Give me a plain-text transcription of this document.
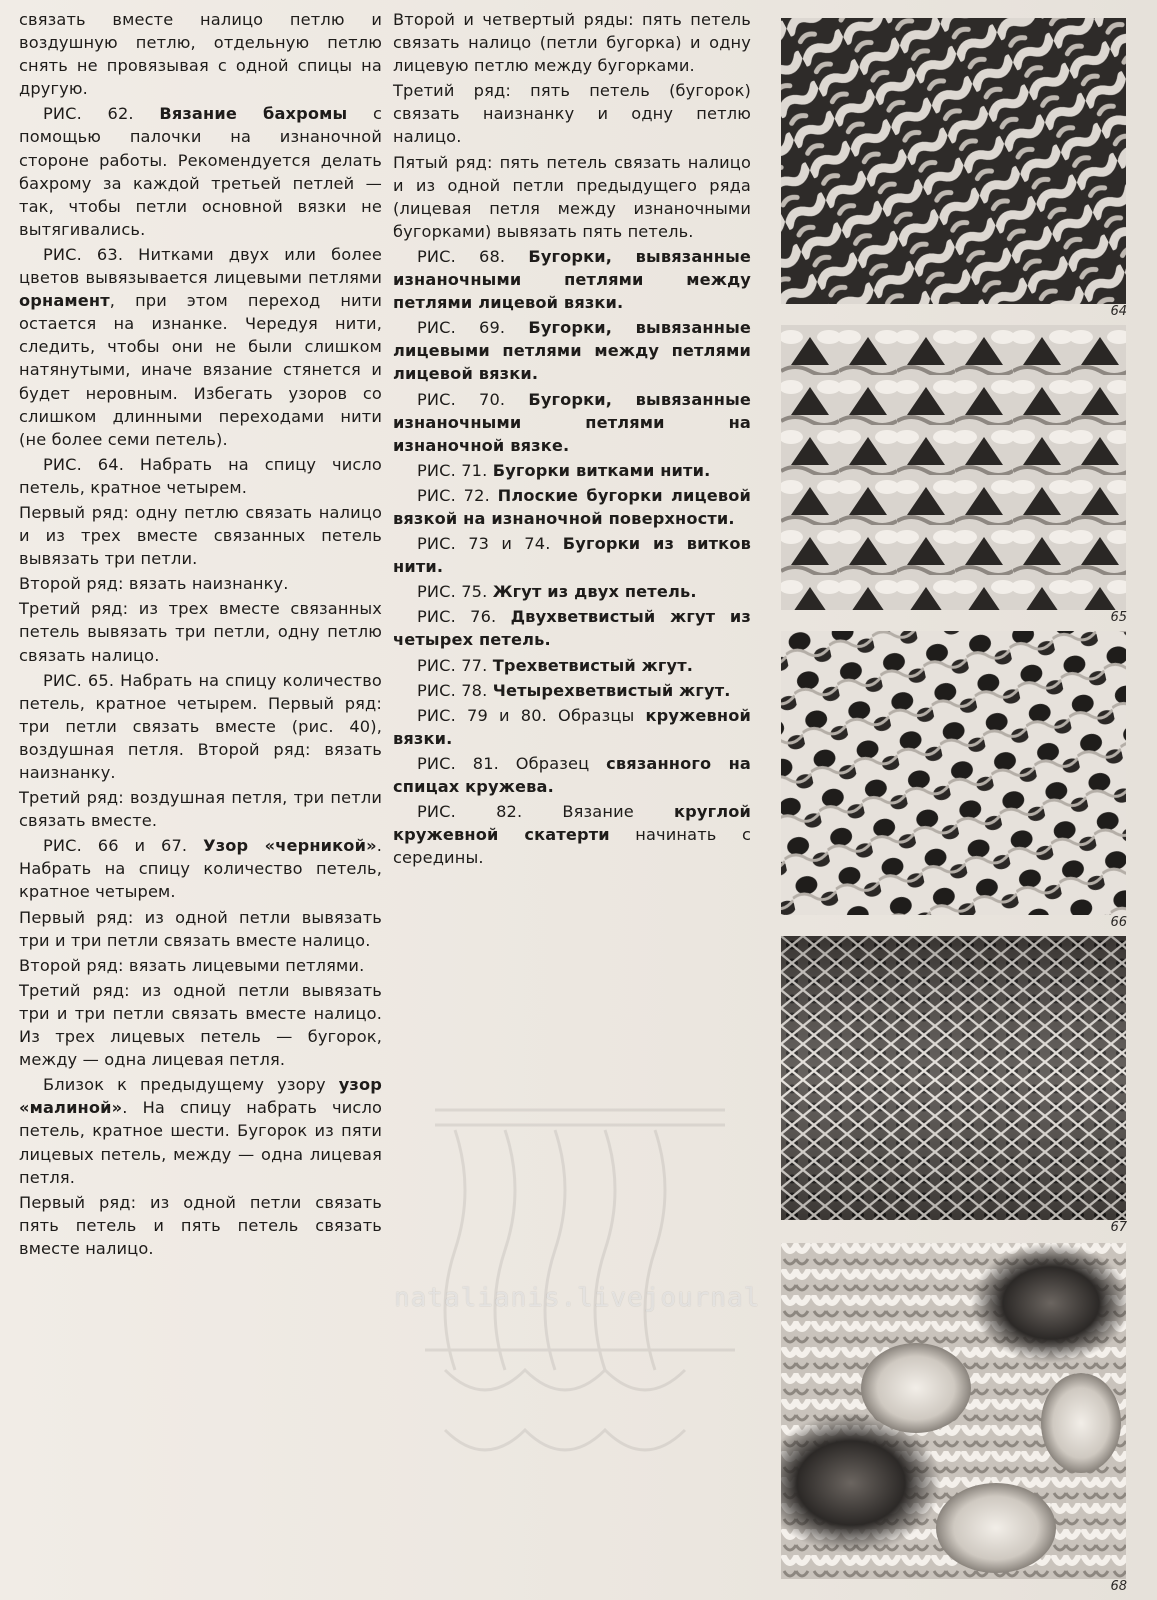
связать вместе налицо петлю и воздушную петлю, отдельную петлю снять не провязывая с одной спицы на другую.

РИС. 62. Вязание бахромы с помощью палочки на изнаночной стороне работы. Рекомендуется делать бахрому за каждой третьей петлей — так, чтобы петли основной вязки не вытягивались.

РИС. 63. Нитками двух или более цветов вывязывается лицевыми петлями орнамент, при этом переход нити остается на изнанке. Чередуя нити, следить, чтобы они не были слишком натянутыми, иначе вязание стянется и будет неровным. Избегать узоров со слишком длинными переходами нити (не более семи петель).

РИС. 64. Набрать на спицу число петель, кратное четырем.

Первый ряд: одну петлю связать налицо и из трех вместе связанных петель вывязать три петли.

Второй ряд: вязать наизнанку.

Третий ряд: из трех вместе связанных петель вывязать три петли, одну петлю связать налицо.

РИС. 65. Набрать на спицу количество петель, кратное четырем. Первый ряд: три петли связать вместе (рис. 40), воздушная петля. Второй ряд: вязать наизнанку.

Третий ряд: воздушная петля, три петли связать вместе.

РИС. 66 и 67. Узор «черникой». Набрать на спицу количество петель, кратное четырем.

Первый ряд: из одной петли вывязать три и три петли связать вместе налицо.

Второй ряд: вязать лицевыми петлями.

Третий ряд: из одной петли вывязать три и три петли связать вместе налицо. Из трех лицевых петель — бугорок, между — одна лицевая петля.

Близок к предыдущему узору узор «малиной». На спицу набрать число петель, кратное шести. Бугорок из пяти лицевых петель, между — одна лицевая петля.

Первый ряд: из одной петли связать пять петель и пять петель связать вместе налицо.

Второй и четвертый ряды: пять петель связать налицо (петли бугорка) и одну лицевую петлю между бугорками.

Третий ряд: пять петель (бугорок) связать наизнанку и одну петлю налицо.

Пятый ряд: пять петель связать налицо и из одной петли предыдущего ряда (лицевая петля между изнаночными бугорками) вывязать пять петель.

РИС. 68. Бугорки, вывязанные изнаночными петлями между петлями лицевой вязки.

РИС. 69. Бугорки, вывязанные лицевыми петлями между петлями лицевой вязки.

РИС. 70. Бугорки, вывязанные изнаночными петлями на изнаночной вязке.

РИС. 71. Бугорки витками нити.

РИС. 72. Плоские бугорки лицевой вязкой на изнаночной поверхности.

РИС. 73 и 74. Бугорки из витков нити.

РИС. 75. Жгут из двух петель.

РИС. 76. Двухветвистый жгут из четырех петель.

РИС. 77. Трехветвистый жгут.

РИС. 78. Четырехветвистый жгут.

РИС. 79 и 80. Образцы кружевной вязки.

РИС. 81. Образец связанного на спицах кружева.

РИС. 82. Вязание круглой кружевной скатерти начинать с середины.

64
65
66
67
68
natalianis.livejournal
